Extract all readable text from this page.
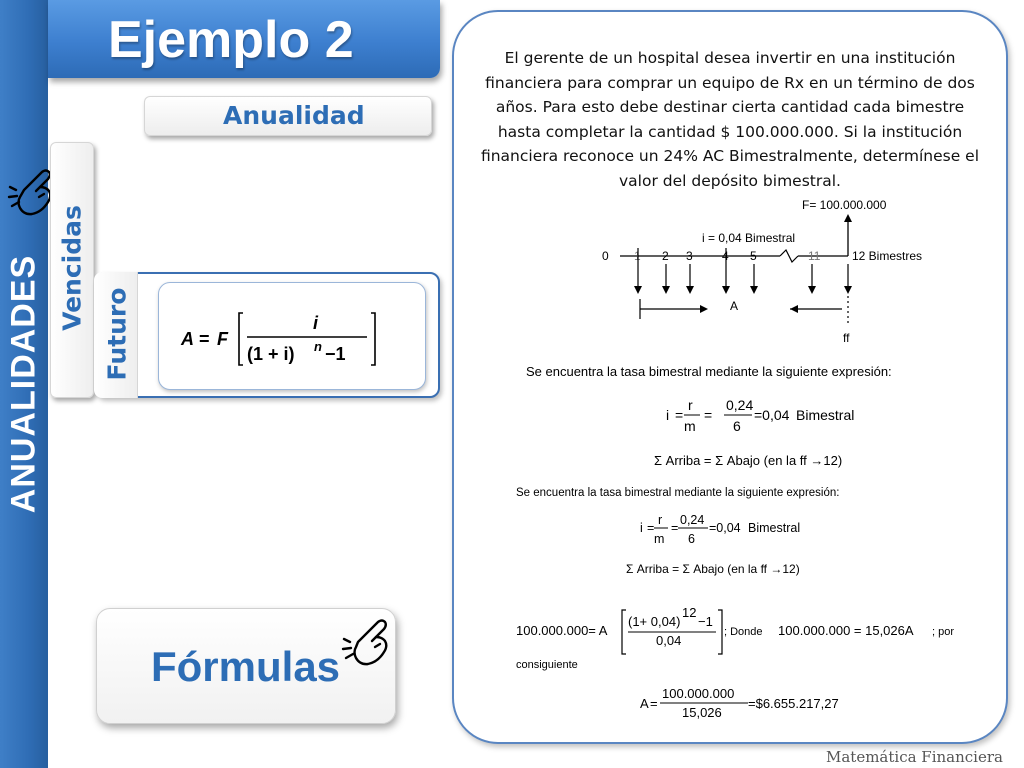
ANUALIDADES
Ejemplo 2
Anualidad
Vencidas
Futuro	A = F
i
(1 + i) n −1
Fórmulas
El gerente de un hospital desea invertir en una institución financiera para comprar un equipo de Rx en un término de dos años. Para esto debe destinar cierta cantidad cada bimestre hasta completar la cantidad $ 100.000.000. Si la institución financiera reconoce un 24% AC Bimestralmente, determínese el valor del depósito bimestral.
F= 100.000.000
i = 0,04 Bimestral
0 1 2 3 4 5	11	12 Bimestres
A
ff
Se encuentra la tasa bimestral mediante la siguiente expresión:
i =
r
m
=
0,24
6
=0,04 Bimestral
Σ Arriba = Σ Abajo (en la ff →12)
Se encuentra la tasa bimestral mediante la siguiente expresión:
i =
r
m
=
0,24
6
=0,04 Bimestral
Σ Arriba = Σ Abajo (en la ff →12)
100.000.000= A
(1+ 0,04)
12
−1
0,04
; Donde 100.000.000 = 15,026A ; por
consiguiente
A =
100.000.000
15,026
=$6.655.217,27
Matemática Financiera
